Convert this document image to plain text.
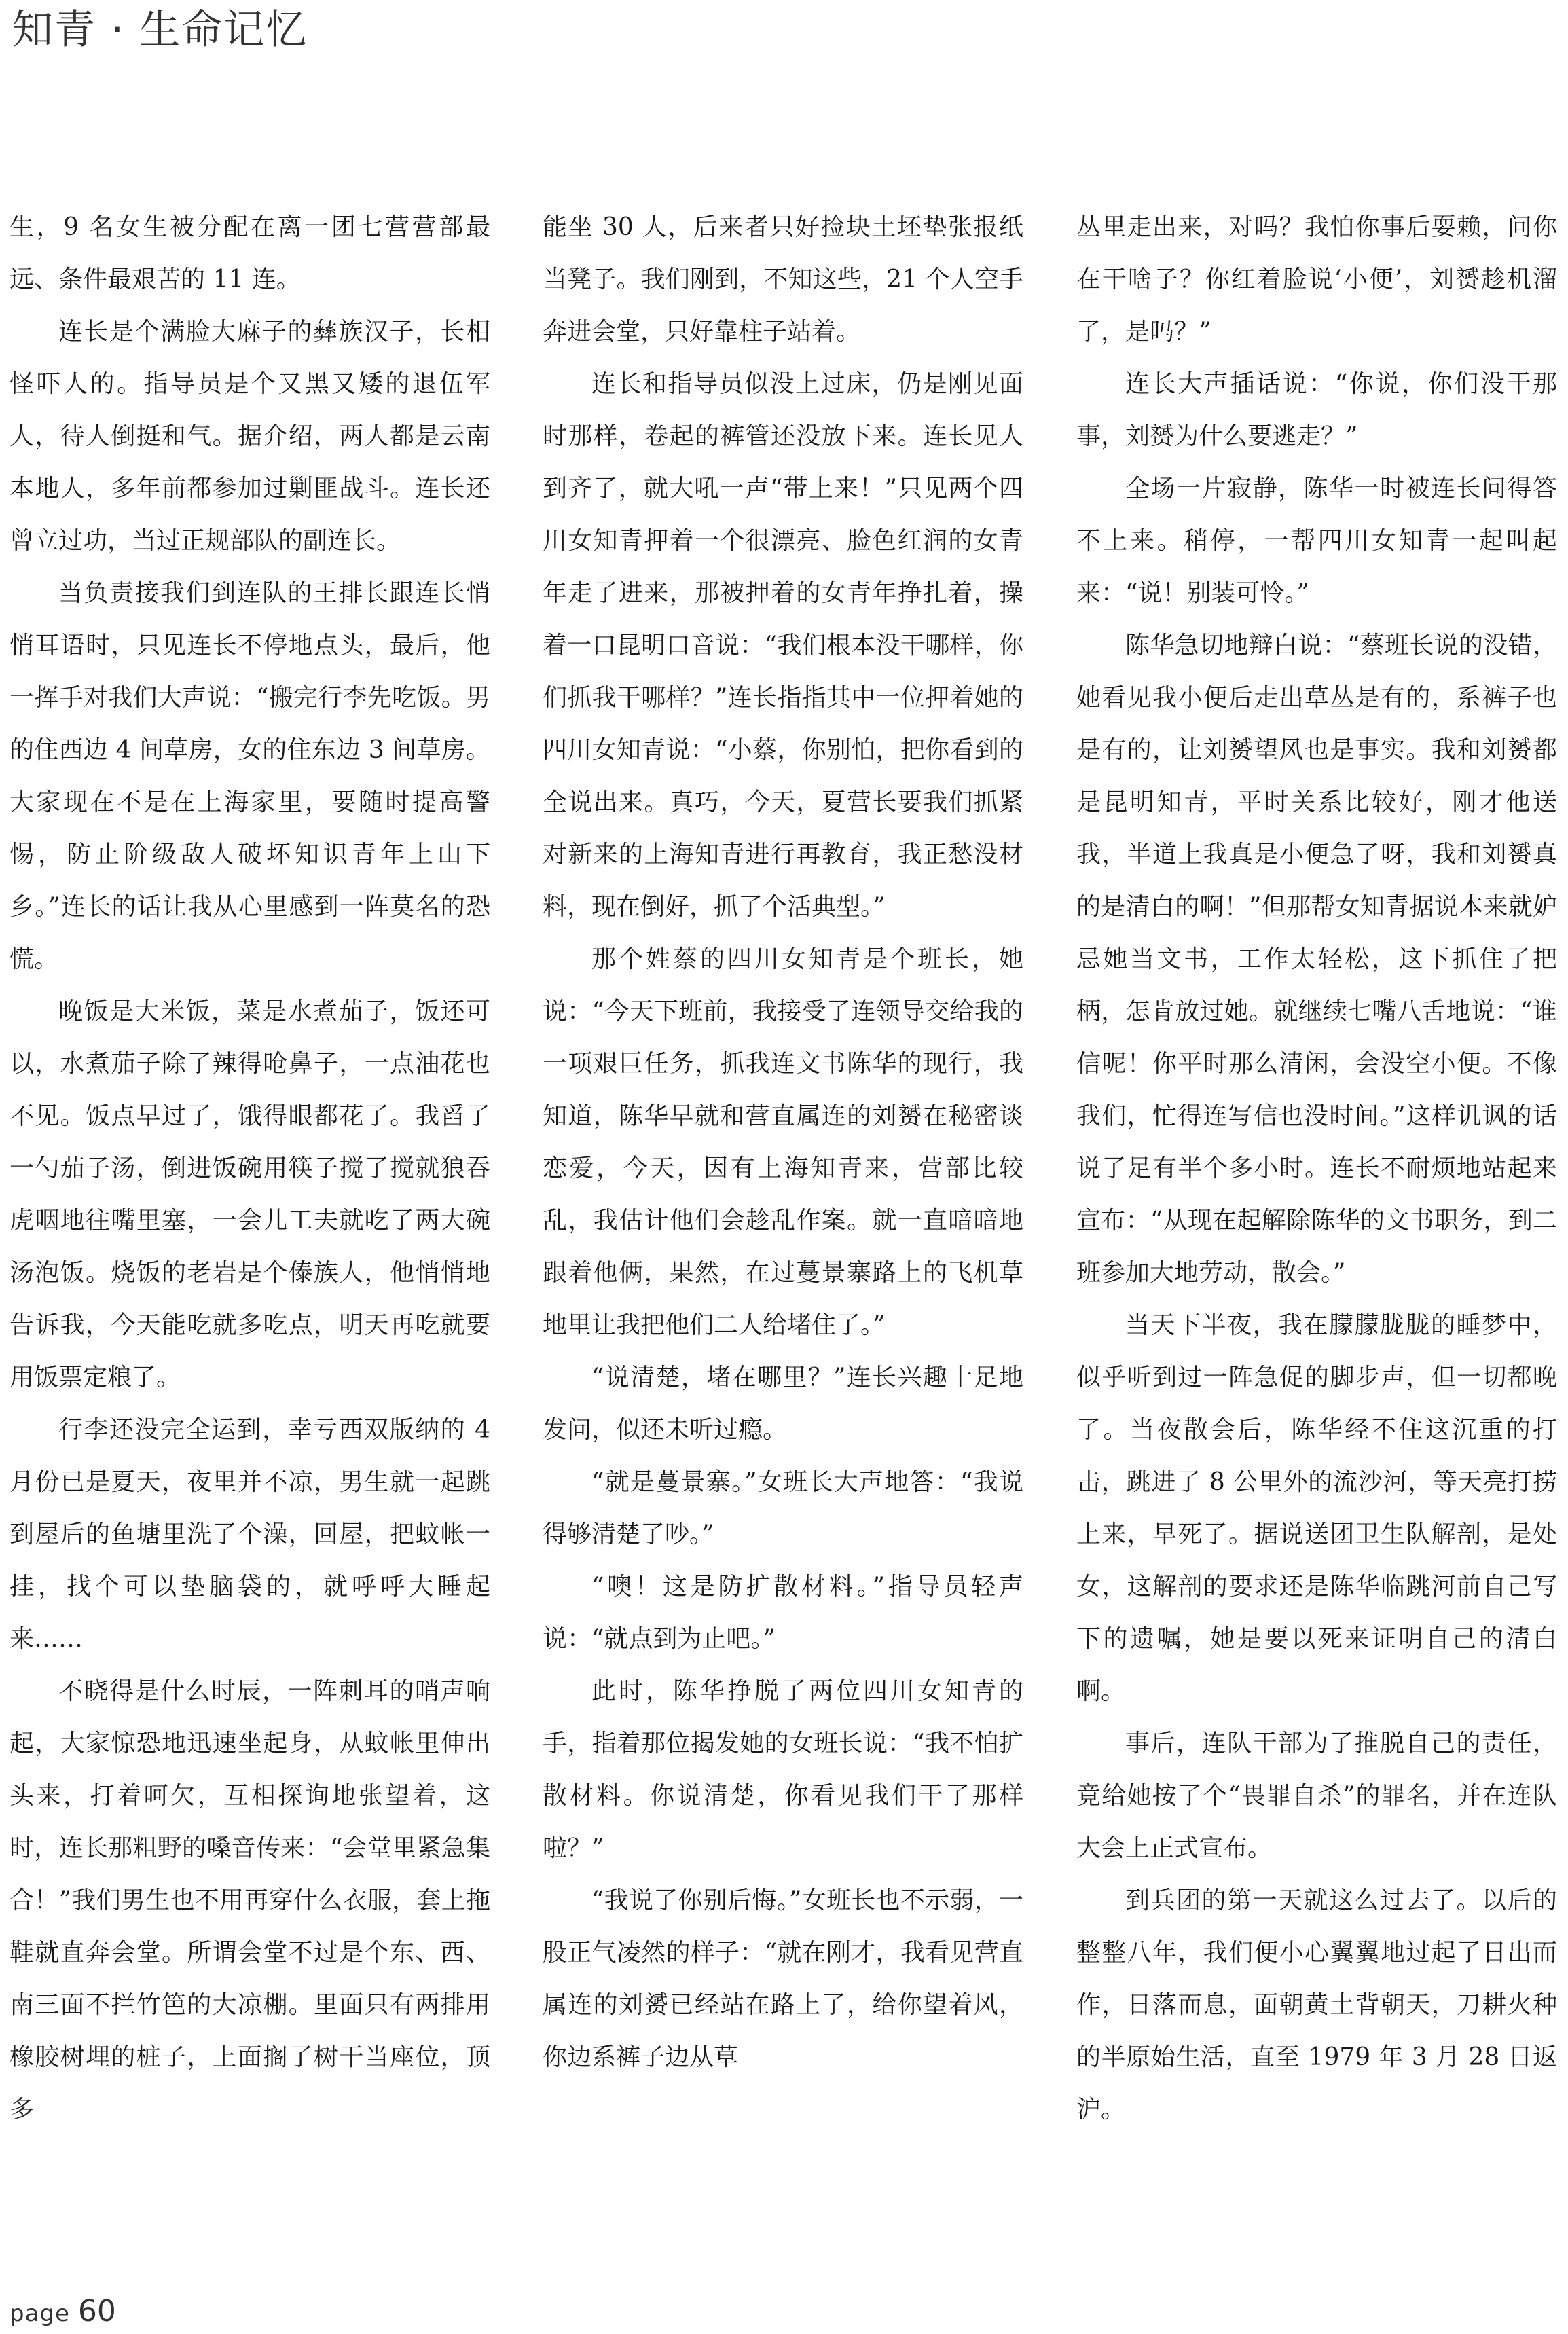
知青 · 生命记忆

生，9 名女生被分配在离一团七营营部最远、条件最艰苦的 11 连。

连长是个满脸大麻子的彝族汉子，长相怪吓人的。指导员是个又黑又矮的退伍军人，待人倒挺和气。据介绍，两人都是云南本地人，多年前都参加过剿匪战斗。连长还曾立过功，当过正规部队的副连长。

当负责接我们到连队的王排长跟连长悄悄耳语时，只见连长不停地点头，最后，他一挥手对我们大声说：“搬完行李先吃饭。男的住西边 4 间草房，女的住东边 3 间草房。大家现在不是在上海家里，要随时提高警惕，防止阶级敌人破坏知识青年上山下乡。”连长的话让我从心里感到一阵莫名的恐慌。

晚饭是大米饭，菜是水煮茄子，饭还可以，水煮茄子除了辣得呛鼻子，一点油花也不见。饭点早过了，饿得眼都花了。我舀了一勺茄子汤，倒进饭碗用筷子搅了搅就狼吞虎咽地往嘴里塞，一会儿工夫就吃了两大碗汤泡饭。烧饭的老岩是个傣族人，他悄悄地告诉我，今天能吃就多吃点，明天再吃就要用饭票定粮了。

行李还没完全运到，幸亏西双版纳的 4 月份已是夏天，夜里并不凉，男生就一起跳到屋后的鱼塘里洗了个澡，回屋，把蚊帐一挂，找个可以垫脑袋的，就呼呼大睡起来……

不晓得是什么时辰，一阵刺耳的哨声响起，大家惊恐地迅速坐起身，从蚊帐里伸出头来，打着呵欠，互相探询地张望着，这时，连长那粗野的嗓音传来：“会堂里紧急集合！”我们男生也不用再穿什么衣服，套上拖鞋就直奔会堂。所谓会堂不过是个东、西、南三面不拦竹笆的大凉棚。里面只有两排用橡胶树埋的桩子，上面搁了树干当座位，顶多

能坐 30 人，后来者只好捡块土坯垫张报纸当凳子。我们刚到，不知这些，21 个人空手奔进会堂，只好靠柱子站着。

连长和指导员似没上过床，仍是刚见面时那样，卷起的裤管还没放下来。连长见人到齐了，就大吼一声“带上来！”只见两个四川女知青押着一个很漂亮、脸色红润的女青年走了进来，那被押着的女青年挣扎着，操着一口昆明口音说：“我们根本没干哪样，你们抓我干哪样？”连长指指其中一位押着她的四川女知青说：“小蔡，你别怕，把你看到的全说出来。真巧，今天，夏营长要我们抓紧对新来的上海知青进行再教育，我正愁没材料，现在倒好，抓了个活典型。”

那个姓蔡的四川女知青是个班长，她说：“今天下班前，我接受了连领导交给我的一项艰巨任务，抓我连文书陈华的现行，我知道，陈华早就和营直属连的刘赟在秘密谈恋爱，今天，因有上海知青来，营部比较乱，我估计他们会趁乱作案。就一直暗暗地跟着他俩，果然，在过蔓景寨路上的飞机草地里让我把他们二人给堵住了。”

“说清楚，堵在哪里？”连长兴趣十足地发问，似还未听过瘾。

“就是蔓景寨。”女班长大声地答：“我说得够清楚了吵。”

“噢！这是防扩散材料。”指导员轻声说：“就点到为止吧。”

此时，陈华挣脱了两位四川女知青的手，指着那位揭发她的女班长说：“我不怕扩散材料。你说清楚，你看见我们干了那样啦？”

“我说了你别后悔。”女班长也不示弱，一股正气凌然的样子：“就在刚才，我看见营直属连的刘赟已经站在路上了，给你望着风，你边系裤子边从草

丛里走出来，对吗？我怕你事后耍赖，问你在干啥子？你红着脸说‘小便’，刘赟趁机溜了，是吗？”

连长大声插话说：“你说，你们没干那事，刘赟为什么要逃走？”

全场一片寂静，陈华一时被连长问得答不上来。稍停，一帮四川女知青一起叫起来：“说！别装可怜。”

陈华急切地辩白说：“蔡班长说的没错，她看见我小便后走出草丛是有的，系裤子也是有的，让刘赟望风也是事实。我和刘赟都是昆明知青，平时关系比较好，刚才他送我，半道上我真是小便急了呀，我和刘赟真的是清白的啊！”但那帮女知青据说本来就妒忌她当文书，工作太轻松，这下抓住了把柄，怎肯放过她。就继续七嘴八舌地说：“谁信呢！你平时那么清闲，会没空小便。不像我们，忙得连写信也没时间。”这样讥讽的话说了足有半个多小时。连长不耐烦地站起来宣布：“从现在起解除陈华的文书职务，到二班参加大地劳动，散会。”

当天下半夜，我在朦朦胧胧的睡梦中，似乎听到过一阵急促的脚步声，但一切都晚了。当夜散会后，陈华经不住这沉重的打击，跳进了 8 公里外的流沙河，等天亮打捞上来，早死了。据说送团卫生队解剖，是处女，这解剖的要求还是陈华临跳河前自己写下的遗嘱，她是要以死来证明自己的清白啊。

事后，连队干部为了推脱自己的责任，竟给她按了个“畏罪自杀”的罪名，并在连队大会上正式宣布。

到兵团的第一天就这么过去了。以后的整整八年，我们便小心翼翼地过起了日出而作，日落而息，面朝黄土背朝天，刀耕火种的半原始生活，直至 1979 年 3 月 28 日返沪。

page 60
